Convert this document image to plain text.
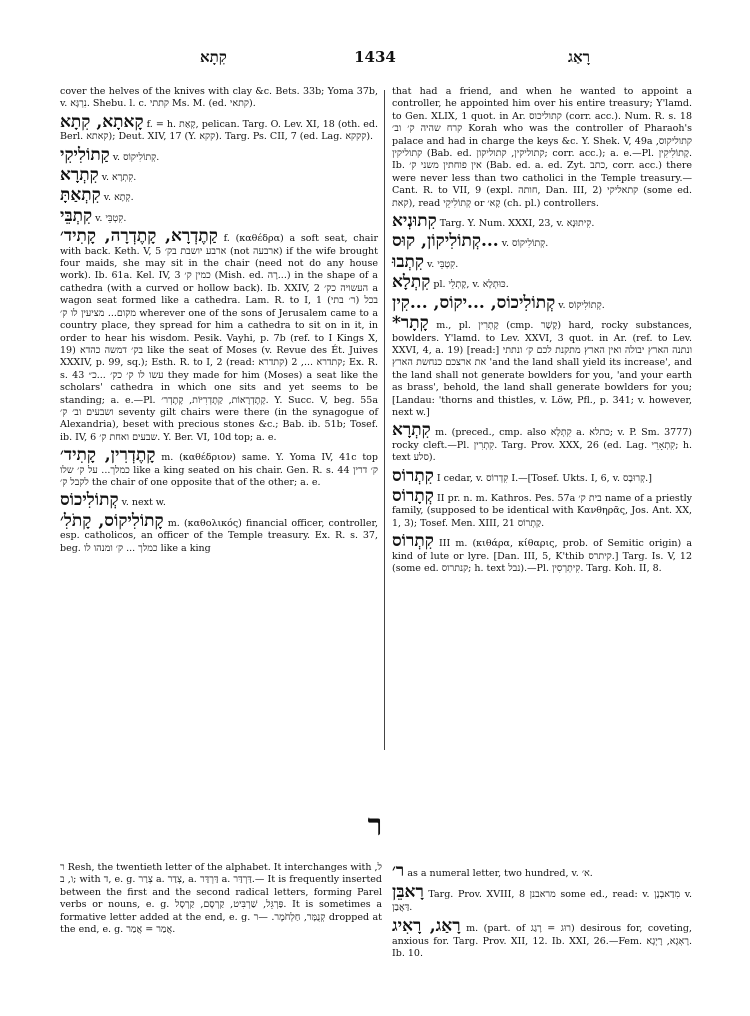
קִתָא	1434	רָאַג
cover the helves of the knives with clay &c. Bets. 33b; Yoma 37b, v. נִרְגָּא. Shebu. l. c. קתתי Ms. M. (ed. קתאי).
קָאתָא, קִתָא f. = h. קָאַת, pelican. Targ. O. Lev. XI, 18 (oth. ed. Berl. קאתא); Deut. XIV, 17 (Y. קקא). Targ. Ps. CII, 7 (ed. Lag. קקקא).
קַתוֹלִיקִי v. קְתוֹלִיקוֹס.
קִתְרָא v. קִתְרָא.
קִתְאַתָּ v. קְתָא.
קִתְבֵּי v. קִטְבֵּי.
קַתֶדְרָא, קָתֶדְרָה, קָתִיד׳ f. (καθέδρα) a soft seat, chair with back. Keth. V, 5 ארבע יושבת בק׳ (not ארבעה) if the wife brought four maids, she may sit in the chair (need not do any house work). Ib. 61a. Kel. IV, 3 כמין ק׳ (Mish. ed. רָה...) in the shape of a cathedra (with a curved or hollow back). Ib. XXIV, 2 העשויה כק׳ a wagon seat formed like a cathedra. Lam. R. to I, 1 (ר׳ בתי) בכל מקום... מציעין לו ק׳ wherever one of the sons of Jerusalem came to a country place, they spread for him a cathedra to sit on in it, in order to hear his wisdom. Pesik. Vayhi, p. 7b (ref. to I Kings X, 19) בק׳ דמשה כהדא like the seat of Moses (v. Revue des Ét. Juives XXXIV, p. 99, sq.); Esth. R. to I, 2 (read: קתדרא) קתדרא ..., 2; Ex. R. s. 43 עשו לו ק׳ כק׳ ...כ״ they made for him (Moses) a seat like the scholars' cathedra in which one sits and yet seems to be standing; a. e.—Pl. קָתֶדְרָאוֹת, קַתֶדְרִיּוֹת, קָתֶדְר׳. Y. Succ. V, beg. 55a ושבעים וב׳ ק׳ seventy gilt chairs were there (in the synagogue of Alexandria), beset with precious stones &c.; Bab. ib. 51b; Tosef. ib. IV, 6 שבעים ואחת ק׳. Y. Ber. VI, 10d top; a. e.
קָתֶדְרִין, קָתִיד׳ m. (καθέδριον) same. Y. Yoma IV, 41c top כמלך... על ק׳ שלו like a king seated on his chair. Gen. R. s. 44 ק׳ דרין לקבל ק׳ the chair of one opposite that of the other; a. e.
קְתוֹלִיכוֹס v. next w.
קָתוֹלִיקוֹס, קָתֹלִ׳ m. (καθολικός) financial officer, controller, esp. catholicos, an officer of the Temple treasury. Ex. R. s. 37, beg. כמלך ... ק׳ ומנהו לו like a king
that had a friend, and when he wanted to appoint a controller, he appointed him over his entire treasury; Y'lamd. to Gen. XLIX, 1 quot. in Ar. קתוליכוס (corr. acc.). Num. R. s. 18 קרח שהיה ק׳ וב׳ Korah who was the controller of Pharaoh's palace and had in charge the keys &c. Y. Shek. V, 49a קתוליקוס, קתוליקין (Bab. ed. קתוליקין, קתוליקון; corr. acc.); a. e.—Pl. קָתוֹלִיקִין. Ib. אין פוחתין משני ק׳ (Bab. ed. a. ed. Zyt. כתב, corr. acc.) there were never less than two catholici in the Temple treasury.— Cant. R. to VII, 9 (expl. חותה, Dan. III, 2) קתאליקי (some ed. קאת), read קְתוֹלִיקֵי or קָא׳ (ch. pl.) controllers.
קִתוּנְיא Targ. Y. Num. XXXI, 23, v. קִיתוּנָא.
קְתוֹלִיקוֹן, קוּס... v. קְתוֹלִיקוֹס.
קִתְבוּ v. קִטְבֵּי.
קִתְלָא pl. קָתְלֵי, v. כּוּתְלָא.
קְתוֹלִיכוֹס, ...יקוֹס, ...קִין v. קְתוֹלִיקוֹס.
*קָתָר m., pl. קָתְרִין (cmp. קָשָׁר) hard, rocky substances, bowlders. Y'lamd. to Lev. XXVI, 3 quot. in Ar. (ref. to Lev. XXVI, 4, a. 19) [read:] ונתנה הארץ יבולה ואין הארץ מתקנת לכם ק׳ ונתתי את ארצכם כנחשת הארץ 'and the land shall yield its increase', and the land shall not generate bowlders for you, 'and your earth as brass', behold, the land shall generate bowlders for you; [Landau: 'thorns and thistles, v. Löw, Pfl., p. 341; v. however, next w.]
קִתְרָא m. (preced., cmp. also קִתְלָא a. כתלא; v. P. Sm. 3777) rocky cleft.—Pl. קִתְרִין. Targ. Prov. XXX, 26 (ed. Lag. קִתְאָרֵי; h. text סלע).
קִתְרוֹס I cedar, v. קִדְרוֹס I.—[Tosef. Ukts. I, 6, v. קְרוּבָס.]
קְתָרוֹס II pr. n. m. Kathros. Pes. 57a בית ק׳ name of a priestly family, (supposed to be identical with Κανθηρᾶς, Jos. Ant. XX, 1, 3); Tosef. Men. XIII, 21 קַתְרוֹס.
קִתְרוֹס III m. (κιθάρα, κίθαρις, prob. of Semitic origin) a kind of lute or lyre. [Dan. III, 5, K'thib קיתרס.] Targ. Is. V, 12 (some ed. קנתרוס; h. text נבל).—Pl. קִיתְרְסִין. Targ. Koh. II, 8.
ר
ר Resh, the twentieth letter of the alphabet. It interchanges with ל, ו, ב; with ד, e. g. צְרַר a. צְדַר, a. דַּרְדַּר a. דַּרְדַּר.— It is frequently inserted between the first and the second radical letters, forming Parel verbs or nouns, e. g. פַּרְגֵּל, שַׁרְבִּיט, קַרְסָם, קַרְסָל. It is sometimes a formative letter added at the end, e. g. קְנֻמָּר, חַלְחֹמֶר. —ר dropped at the end, e. g. אֲמַר = אֲמַר.
ר׳ as a numeral letter, two hundred, v. א׳.
רָאבֵּן Targ. Prov. XVIII, 8 מראבנן some ed., read: v. מִדַאבְנָן v. דַּאֲבַן.
רָאַג, רָאִיג m. (part. of רוּג = רָגַג) desirous for, coveting, anxious for. Targ. Prov. XII, 12. Ib. XXI, 26.—Fem. רָאְגָא, רָיְגָא. Ib. 10.
